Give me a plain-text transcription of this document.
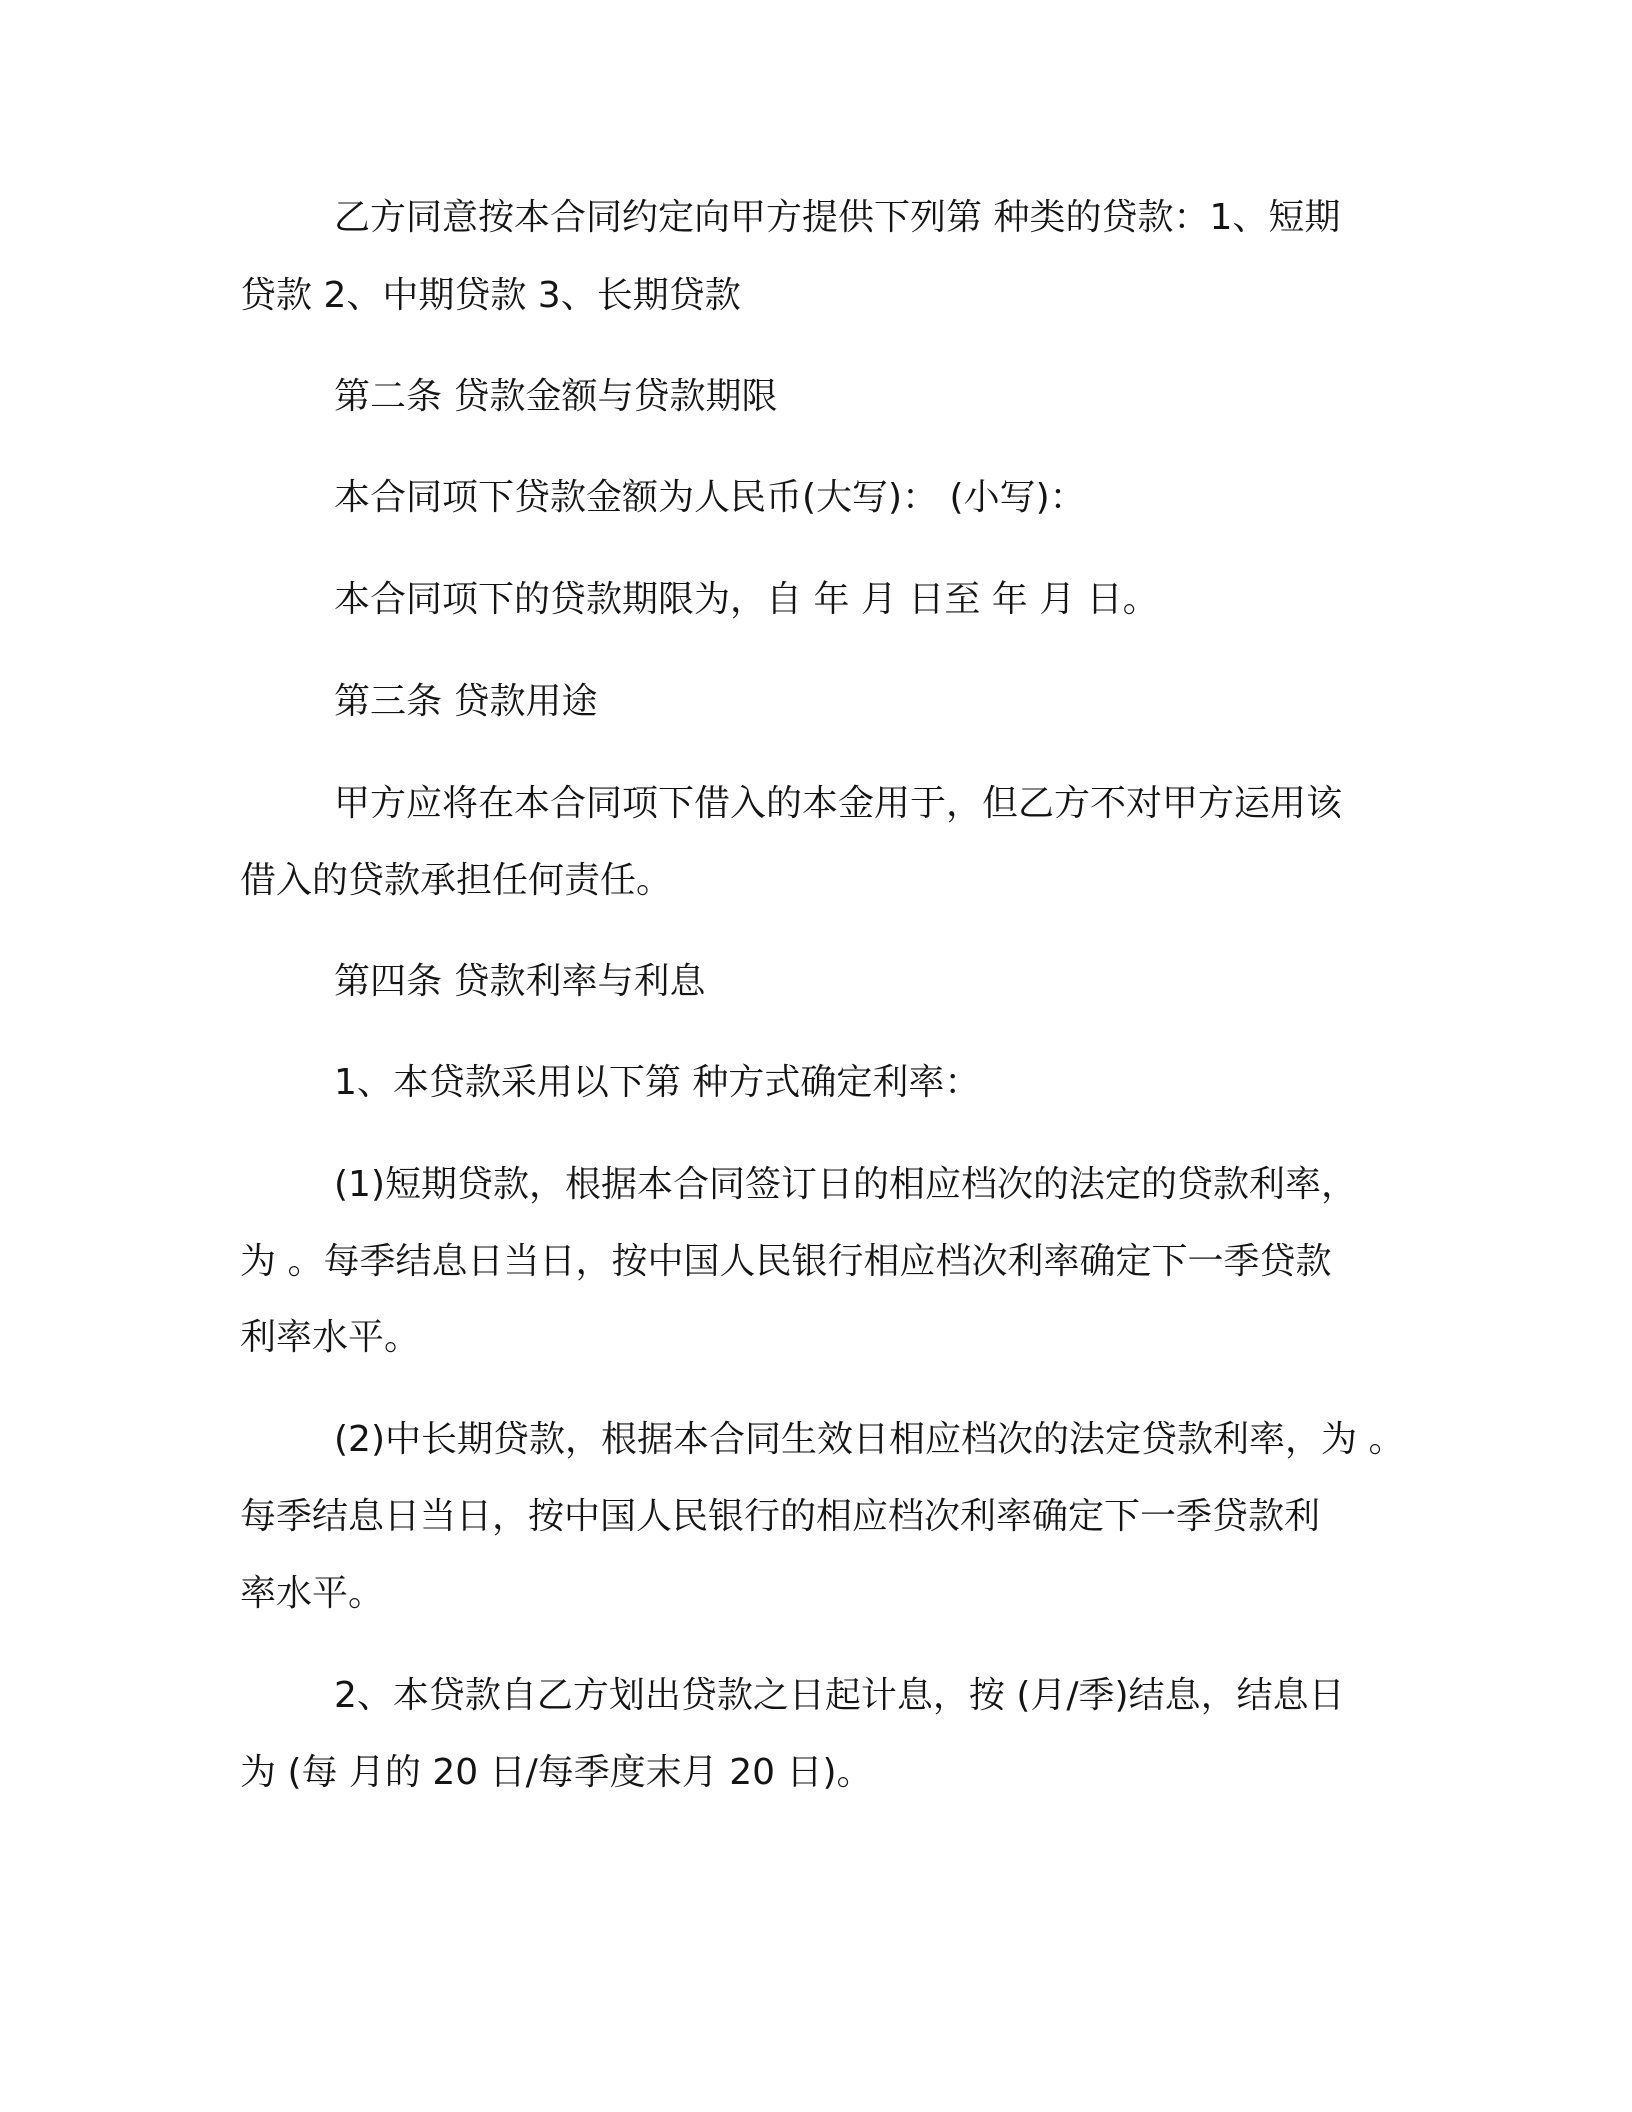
乙方同意按本合同约定向甲方提供下列第 种类的贷款：1、短期

贷款 2、中期贷款 3、长期贷款

第二条 贷款金额与贷款期限

本合同项下贷款金额为人民币(大写)： (小写)：

本合同项下的贷款期限为，自 年 月 日至 年 月 日。

第三条 贷款用途

甲方应将在本合同项下借入的本金用于，但乙方不对甲方运用该

借入的贷款承担任何责任。

第四条 贷款利率与利息

1、本贷款采用以下第 种方式确定利率：

(1)短期贷款，根据本合同签订日的相应档次的法定的贷款利率，

为 。每季结息日当日，按中国人民银行相应档次利率确定下一季贷款

利率水平。

(2)中长期贷款，根据本合同生效日相应档次的法定贷款利率，为 。

每季结息日当日，按中国人民银行的相应档次利率确定下一季贷款利

率水平。

2、本贷款自乙方划出贷款之日起计息，按 (月/季)结息，结息日

为 (每 月的 20 日/每季度末月 20 日)。
